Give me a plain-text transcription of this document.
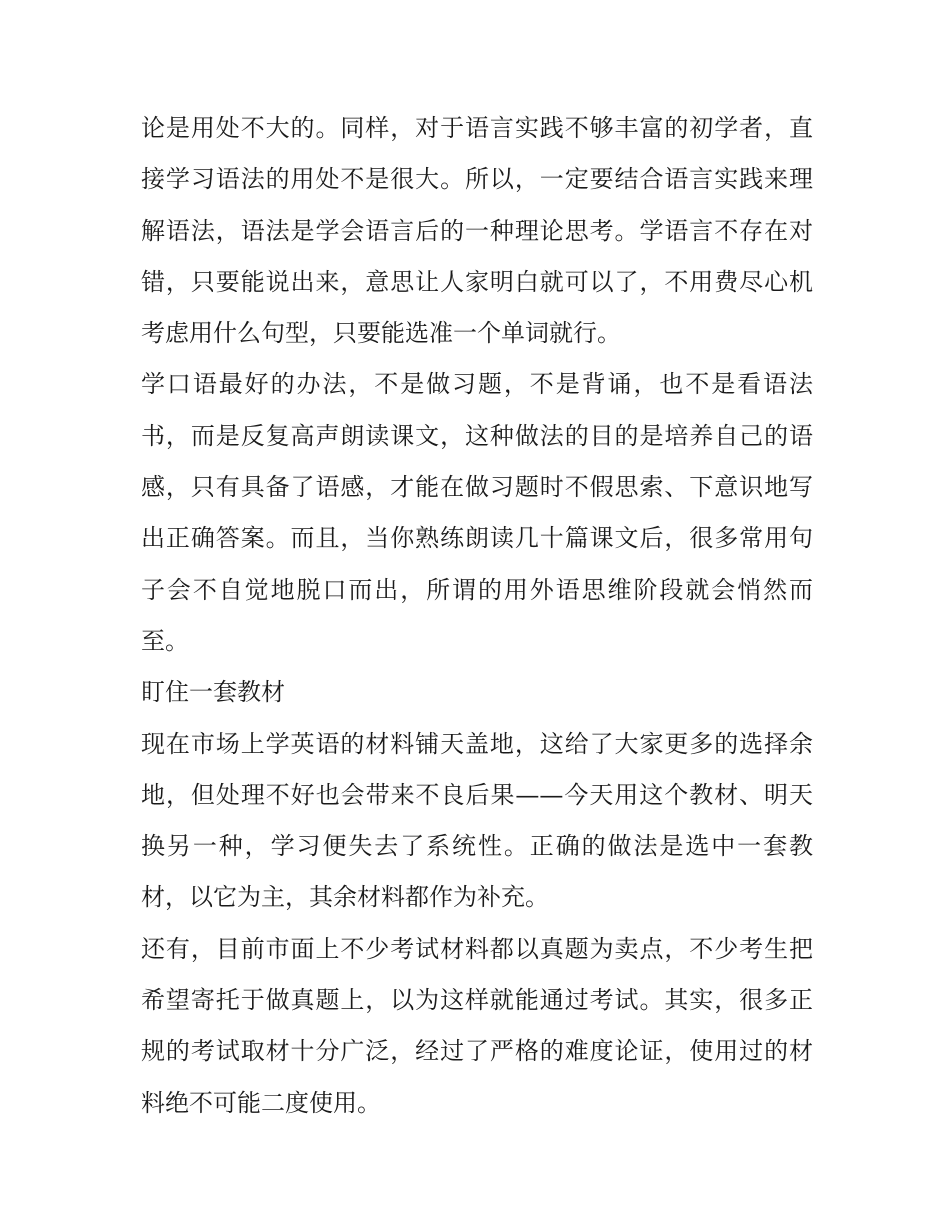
论是用处不大的。同样，对于语言实践不够丰富的初学者，直
接学习语法的用处不是很大。所以，一定要结合语言实践来理
解语法，语法是学会语言后的一种理论思考。学语言不存在对
错，只要能说出来，意思让人家明白就可以了，不用费尽心机
考虑用什么句型，只要能选准一个单词就行。
学口语最好的办法，不是做习题，不是背诵，也不是看语法
书，而是反复高声朗读课文，这种做法的目的是培养自己的语
感，只有具备了语感，才能在做习题时不假思索、下意识地写
出正确答案。而且，当你熟练朗读几十篇课文后，很多常用句
子会不自觉地脱口而出，所谓的用外语思维阶段就会悄然而
至。
盯住一套教材
现在市场上学英语的材料铺天盖地，这给了大家更多的选择余
地，但处理不好也会带来不良后果——今天用这个教材、明天
换另一种，学习便失去了系统性。正确的做法是选中一套教
材，以它为主，其余材料都作为补充。
还有，目前市面上不少考试材料都以真题为卖点，不少考生把
希望寄托于做真题上，以为这样就能通过考试。其实，很多正
规的考试取材十分广泛，经过了严格的难度论证，使用过的材
料绝不可能二度使用。
